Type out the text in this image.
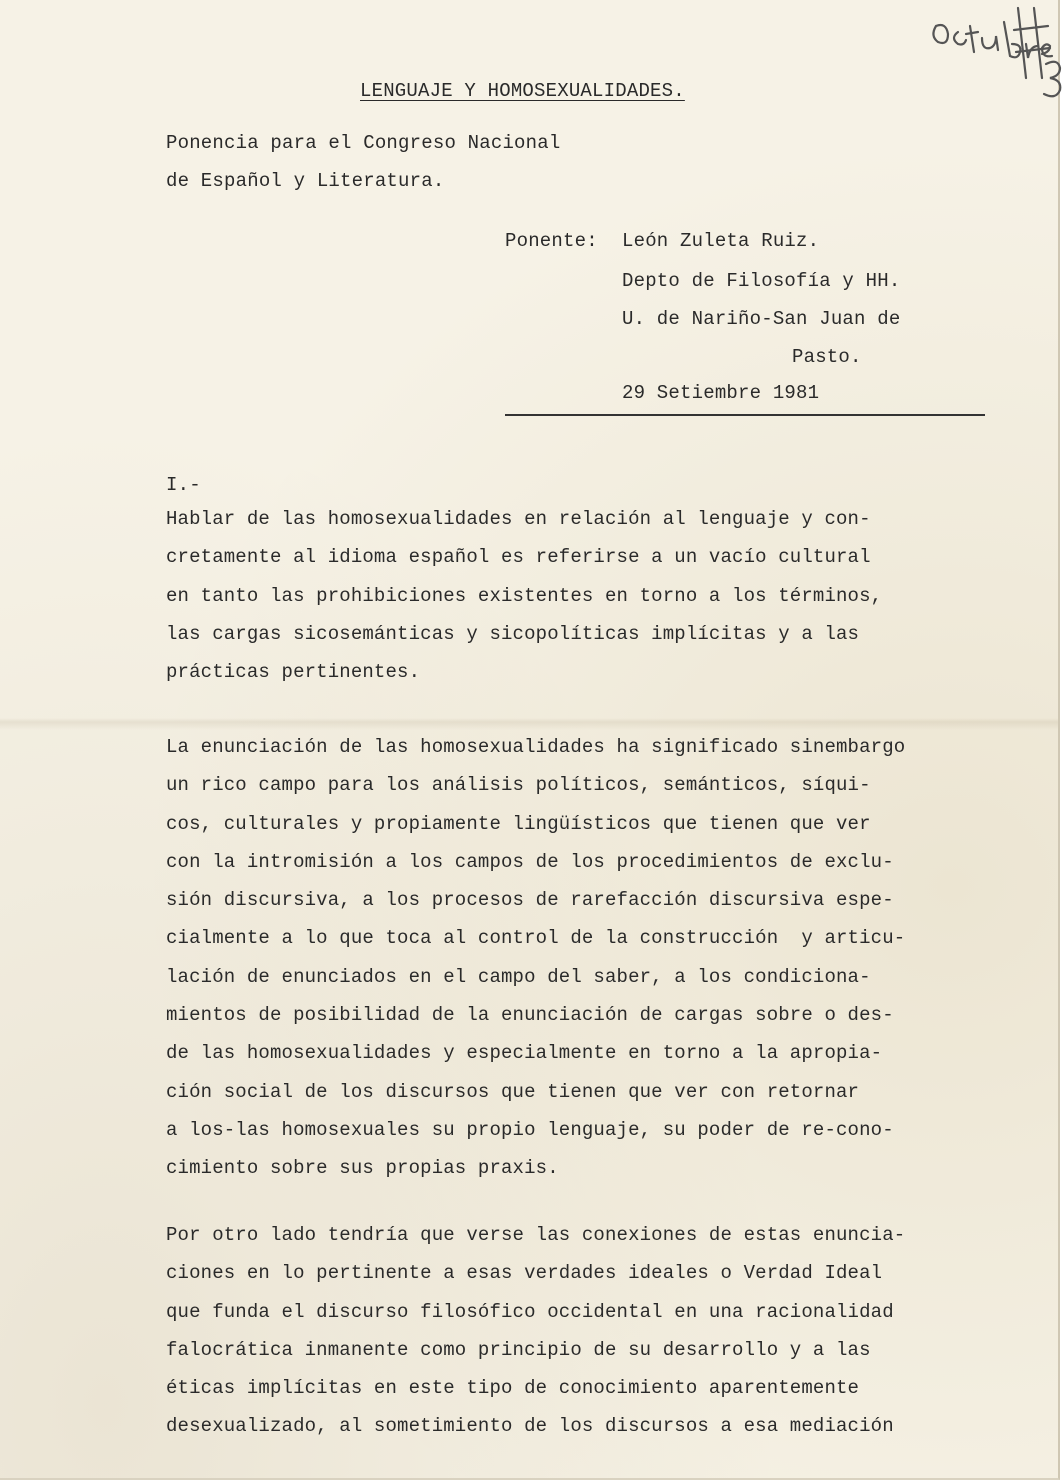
LENGUAJE Y HOMOSEXUALIDADES.
Ponencia para el Congreso Nacional
de Español y Literatura.
Ponente: León Zuleta Ruiz.
Depto de Filosofía y HH.
U. de Nariño-San Juan de
Pasto.
29 Setiembre 1981
I.-
Hablar de las homosexualidades en relación al lenguaje y con-
cretamente al idioma español es referirse a un vacío cultural
en tanto las prohibiciones existentes en torno a los términos,
las cargas sicosemánticas y sicopolíticas implícitas y a las
prácticas pertinentes.
La enunciación de las homosexualidades ha significado sinembargo
un rico campo para los análisis políticos, semánticos, síqui-
cos, culturales y propiamente lingüísticos que tienen que ver
con la intromisión a los campos de los procedimientos de exclu-
sión discursiva, a los procesos de rarefacción discursiva espe-
cialmente a lo que toca al control de la construcción  y articu-
lación de enunciados en el campo del saber, a los condiciona-
mientos de posibilidad de la enunciación de cargas sobre o des-
de las homosexualidades y especialmente en torno a la apropia-
ción social de los discursos que tienen que ver con retornar
a los-las homosexuales su propio lenguaje, su poder de re-cono-
cimiento sobre sus propias praxis.
Por otro lado tendría que verse las conexiones de estas enuncia-
ciones en lo pertinente a esas verdades ideales o Verdad Ideal
que funda el discurso filosófico occidental en una racionalidad
falocrática inmanente como principio de su desarrollo y a las
éticas implícitas en este tipo de conocimiento aparentemente
desexualizado, al sometimiento de los discursos a esa mediación
